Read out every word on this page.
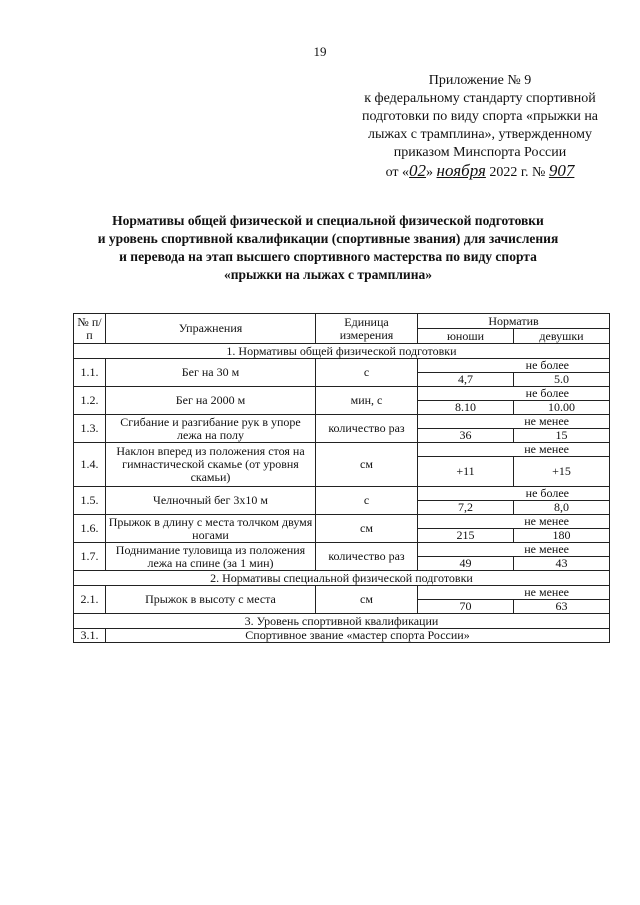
19
Приложение № 9
к федеральному стандарту спортивной
подготовки по виду спорта «прыжки на
лыжах с трамплина», утвержденному
приказом Минспорта России
от «02» ноября 2022 г. № 907
Нормативы общей физической и специальной физической подготовки
и уровень спортивной квалификации (спортивные звания) для зачисления
и перевода на этап высшего спортивного мастерства по виду спорта
«прыжки на лыжах с трамплина»
№ п/п	Упражнения	Единица измерения	Норматив	
			юноши	девушки
1. Нормативы общей физической подготовки				
1.1.	Бег на 30 м	с	не более	
			4,7	5.0
1.2.	Бег на 2000 м	мин, с	не более	
			8.10	10.00
1.3.	Сгибание и разгибание рук в упоре лежа на полу	количество раз	не менее	
			36	15
1.4.	Наклон вперед из положения стоя на гимнастической скамье (от уровня скамьи)	см	не менее	
			+11	+15
1.5.	Челночный бег 3х10 м	с	не более	
			7,2	8,0
1.6.	Прыжок в длину с места толчком двумя ногами	см	не менее	
			215	180
1.7.	Поднимание туловища из положения лежа на спине (за 1 мин)	количество раз	не менее	
			49	43
2. Нормативы специальной физической подготовки				
2.1.	Прыжок в высоту с места	см	не менее	
			70	63
3. Уровень спортивной квалификации				
3.1.	Спортивное звание «мастер спорта России»			
